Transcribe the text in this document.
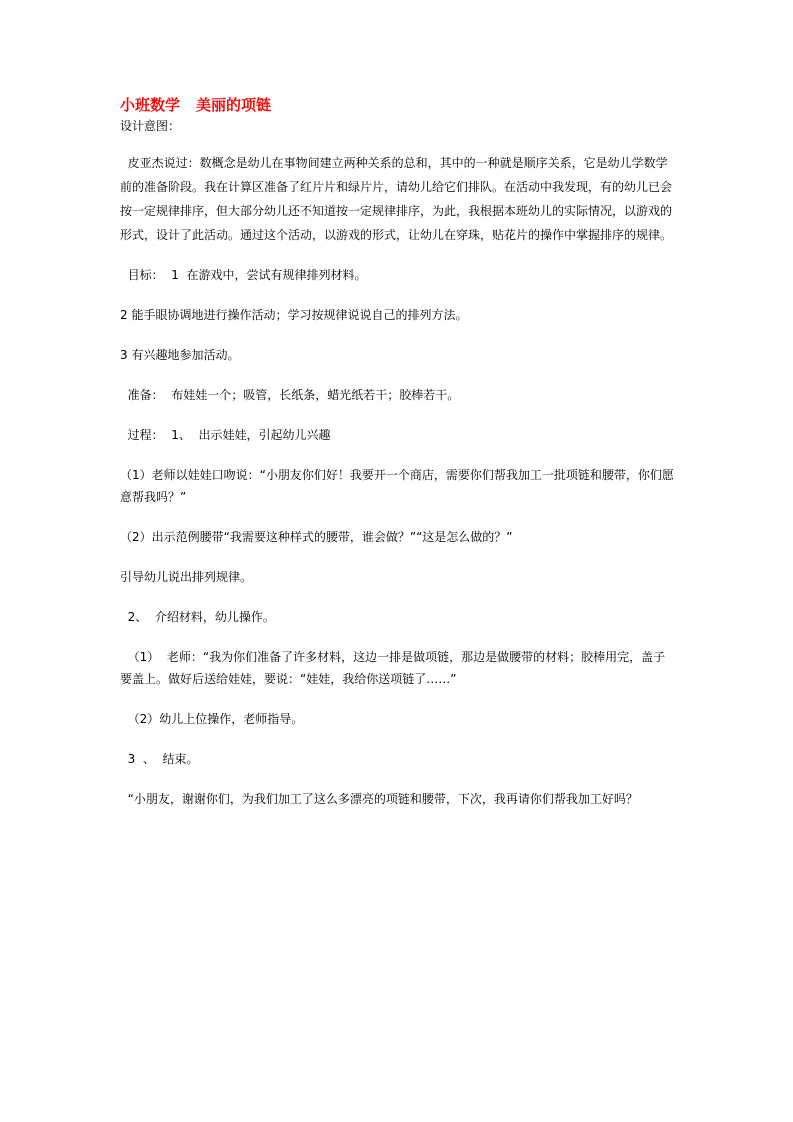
小班数学 美丽的项链

设计意图：

皮亚杰说过：数概念是幼儿在事物间建立两种关系的总和，其中的一种就是顺序关系，它是幼儿学数学前的准备阶段。我在计算区准备了红片片和绿片片，请幼儿给它们排队。在活动中我发现，有的幼儿已会按一定规律排序，但大部分幼儿还不知道按一定规律排序，为此，我根据本班幼儿的实际情况，以游戏的形式，设计了此活动。通过这个活动，以游戏的形式，让幼儿在穿珠，贴花片的操作中掌握排序的规律。

目标：  1  在游戏中，尝试有规律排列材料。

2 能手眼协调地进行操作活动；学习按规律说说自己的排列方法。

3 有兴趣地参加活动。

准备：  布娃娃一个；吸管，长纸条，蜡光纸若干；胶棒若干。

过程：  1、  出示娃娃，引起幼儿兴趣

（1）老师以娃娃口吻说：“小朋友你们好！我要开一个商店，需要你们帮我加工一批项链和腰带，你们愿意帮我吗？”

（2）出示范例腰带“我需要这种样式的腰带，谁会做？”“这是怎么做的？”

引导幼儿说出排列规律。

2、  介绍材料，幼儿操作。

（1）  老师：“我为你们准备了许多材料，这边一排是做项链，那边是做腰带的材料；胶棒用完，盖子要盖上。做好后送给娃娃，要说：“娃娃，我给你送项链了……”

（2）幼儿上位操作，老师指导。

3  、  结束。

“小朋友，谢谢你们，为我们加工了这么多漂亮的项链和腰带，下次，我再请你们帮我加工好吗？
